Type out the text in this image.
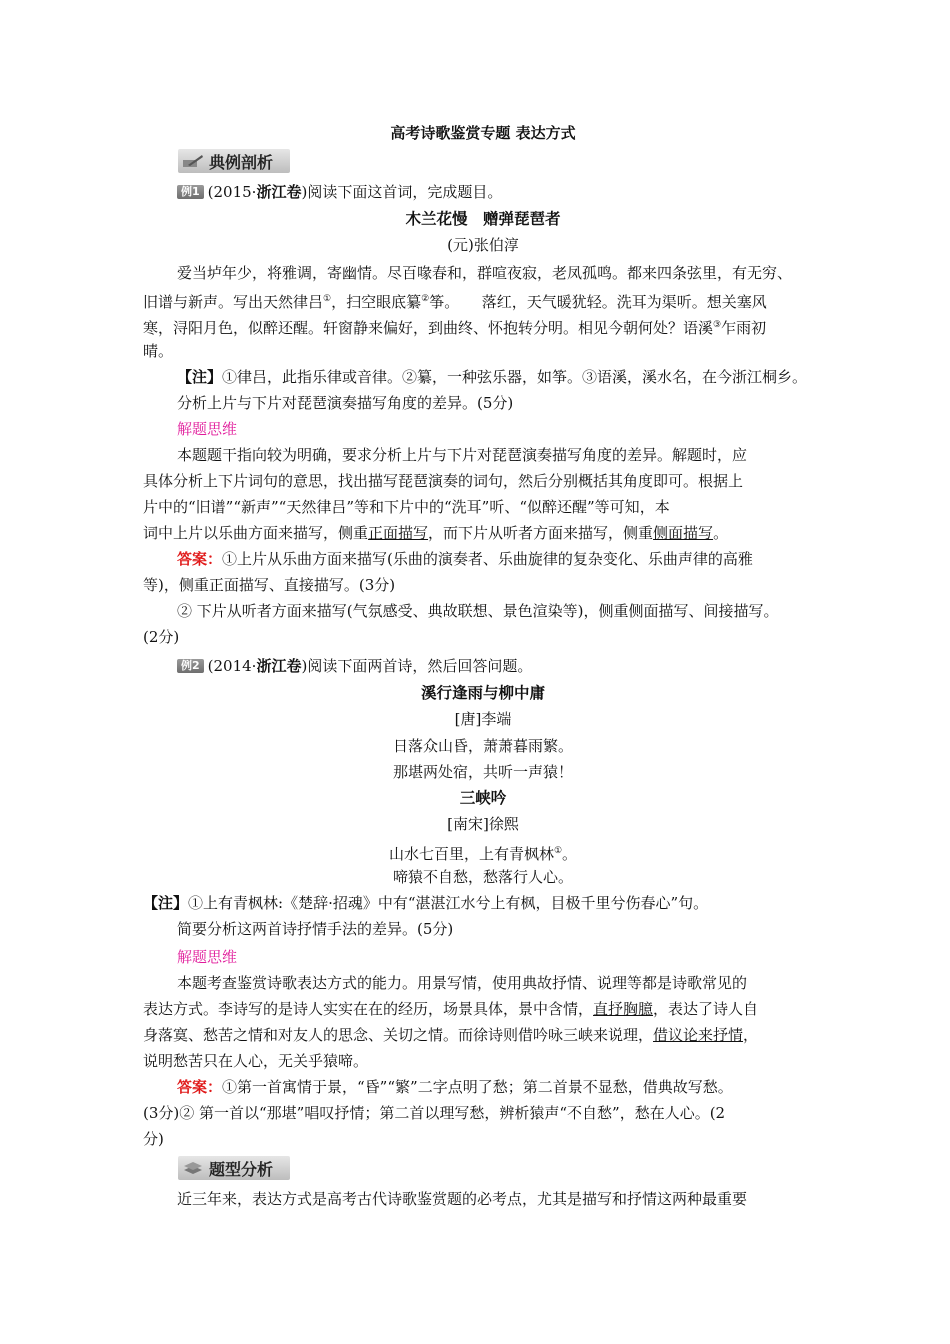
高考诗歌鉴赏专题 表达方式
典例剖析
例1 (2015·浙江卷)阅读下面这首词，完成题目。
木兰花慢　赠弹琵琶者
(元)张伯淳
爱当垆年少，将雅调，寄幽情。尽百喙春和，群喧夜寂，老凤孤鸣。都来四条弦里，有无穷、
旧谱与新声。写出天然律吕①，扫空眼底纂②筝。　　落红，天气暖犹轻。洗耳为渠听。想关塞风
寒，浔阳月色，似醉还醒。轩窗静来偏好，到曲终、怀抱转分明。相见今朝何处？语溪③乍雨初
晴。
【注】①律吕，此指乐律或音律。②纂，一种弦乐器，如筝。③语溪，溪水名，在今浙江桐乡。
分析上片与下片对琵琶演奏描写角度的差异。(5分)
解题思维
本题题干指向较为明确，要求分析上片与下片对琵琶演奏描写角度的差异。解题时，应
具体分析上下片词句的意思，找出描写琵琶演奏的词句，然后分别概括其角度即可。根据上
片中的“旧谱”“新声”“天然律吕”等和下片中的“洗耳”听、“似醉还醒”等可知，本
词中上片以乐曲方面来描写，侧重正面描写，而下片从听者方面来描写，侧重侧面描写。
答案：①上片从乐曲方面来描写(乐曲的演奏者、乐曲旋律的复杂变化、乐曲声律的高雅
等)，侧重正面描写、直接描写。(3分)
② 下片从听者方面来描写(气氛感受、典故联想、景色渲染等)，侧重侧面描写、间接描写。
(2分)
例2 (2014·浙江卷)阅读下面两首诗，然后回答问题。
溪行逢雨与柳中庸
[唐]李端
日落众山昏，萧萧暮雨繁。
那堪两处宿，共听一声猿！
三峡吟
[南宋]徐熙
山水七百里，上有青枫林①。
啼猿不自愁，愁落行人心。
【注】①上有青枫林:《楚辞·招魂》中有“湛湛江水兮上有枫，目极千里兮伤春心”句。
简要分析这两首诗抒情手法的差异。(5分)
解题思维
本题考查鉴赏诗歌表达方式的能力。用景写情，使用典故抒情、说理等都是诗歌常见的
表达方式。李诗写的是诗人实实在在的经历，场景具体，景中含情，直抒胸臆，表达了诗人自
身落寞、愁苦之情和对友人的思念、关切之情。而徐诗则借吟咏三峡来说理，借议论来抒情，
说明愁苦只在人心，无关乎猿啼。
答案：①第一首寓情于景，“昏”“繁”二字点明了愁；第二首景不显愁，借典故写愁。
(3分)② 第一首以“那堪”唱叹抒情；第二首以理写愁，辨析猿声“不自愁”，愁在人心。(2
分)
题型分析
近三年来，表达方式是高考古代诗歌鉴赏题的必考点，尤其是描写和抒情这两种最重要
